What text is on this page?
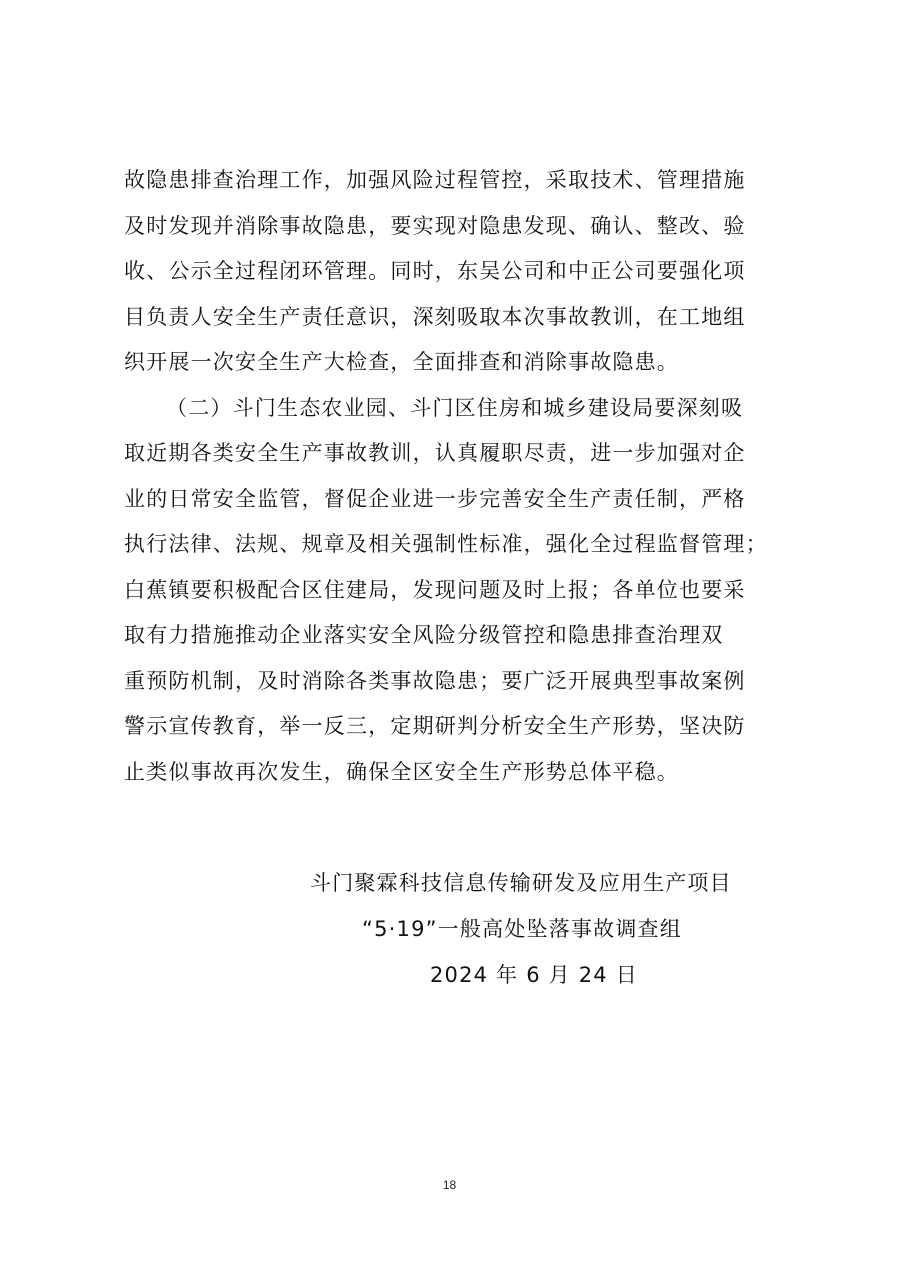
故隐患排查治理工作，加强风险过程管控，采取技术、管理措施
及时发现并消除事故隐患，要实现对隐患发现、确认、整改、验
收、公示全过程闭环管理。同时，东吴公司和中正公司要强化项
目负责人安全生产责任意识，深刻吸取本次事故教训，在工地组
织开展一次安全生产大检查，全面排查和消除事故隐患。
（二）斗门生态农业园、斗门区住房和城乡建设局要深刻吸
取近期各类安全生产事故教训，认真履职尽责，进一步加强对企
业的日常安全监管，督促企业进一步完善安全生产责任制，严格
执行法律、法规、规章及相关强制性标准，强化全过程监督管理；
白蕉镇要积极配合区住建局，发现问题及时上报；各单位也要采
取有力措施推动企业落实安全风险分级管控和隐患排查治理双
重预防机制，及时消除各类事故隐患；要广泛开展典型事故案例
警示宣传教育，举一反三，定期研判分析安全生产形势，坚决防
止类似事故再次发生，确保全区安全生产形势总体平稳。
斗门聚霖科技信息传输研发及应用生产项目
“5·19”一般高处坠落事故调查组
2024 年 6 月 24 日
18
